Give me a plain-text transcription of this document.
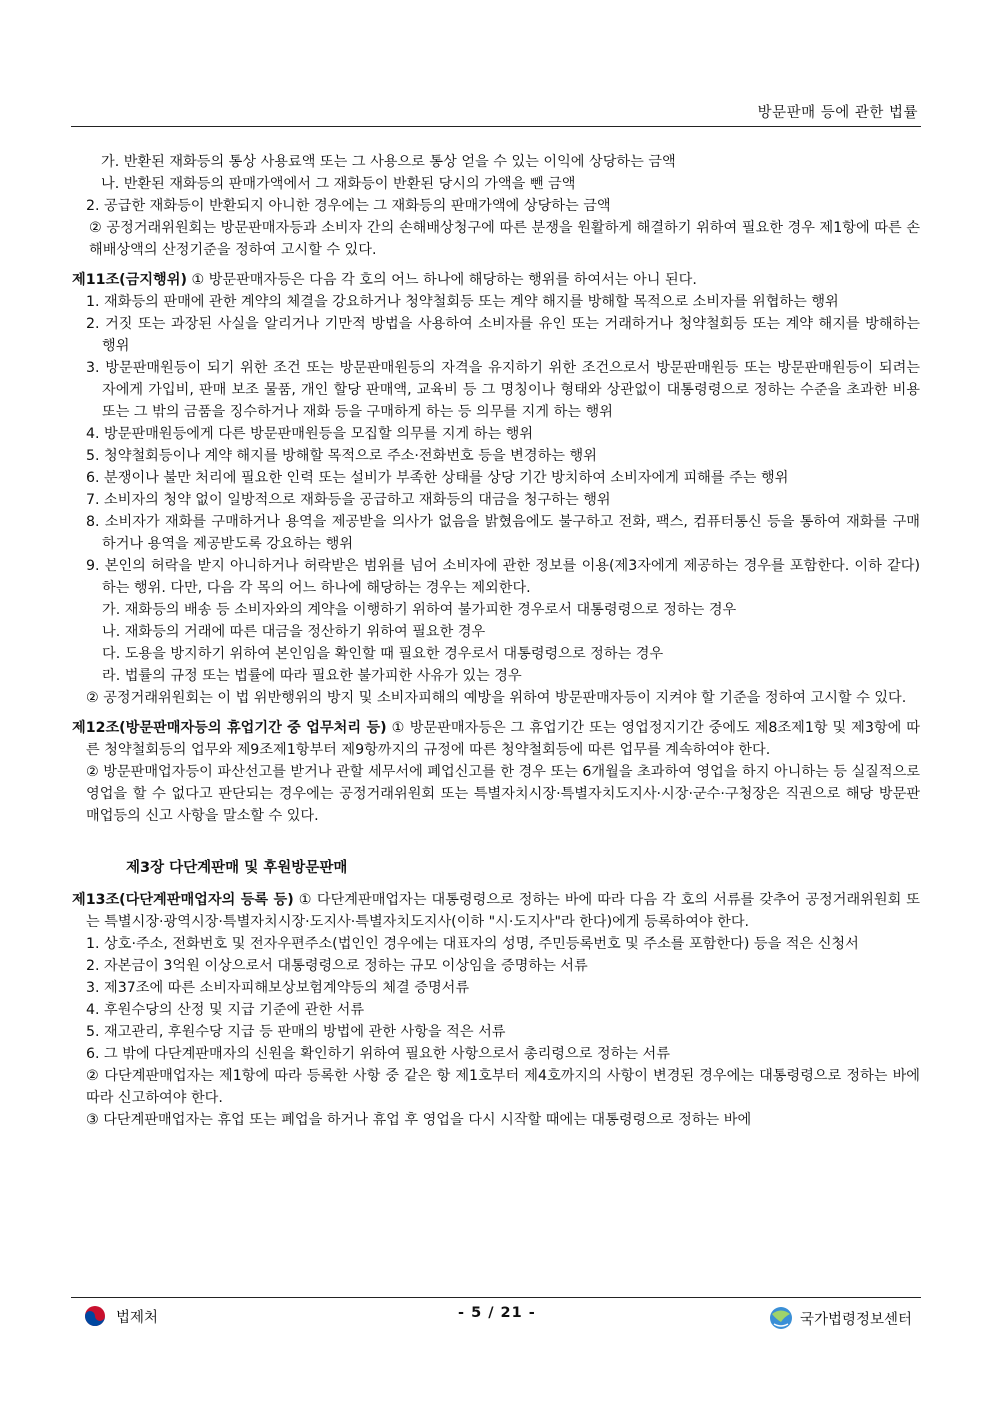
방문판매 등에 관한 법률
가. 반환된 재화등의 통상 사용료액 또는 그 사용으로 통상 얻을 수 있는 이익에 상당하는 금액
나. 반환된 재화등의 판매가액에서 그 재화등이 반환된 당시의 가액을 뺀 금액
2. 공급한 재화등이 반환되지 아니한 경우에는 그 재화등의 판매가액에 상당하는 금액
② 공정거래위원회는 방문판매자등과 소비자 간의 손해배상청구에 따른 분쟁을 원활하게 해결하기 위하여 필요한 경우 제1항에 따른 손해배상액의 산정기준을 정하여 고시할 수 있다.
제11조(금지행위) ① 방문판매자등은 다음 각 호의 어느 하나에 해당하는 행위를 하여서는 아니 된다.
1. 재화등의 판매에 관한 계약의 체결을 강요하거나 청약철회등 또는 계약 해지를 방해할 목적으로 소비자를 위협하는 행위
2. 거짓 또는 과장된 사실을 알리거나 기만적 방법을 사용하여 소비자를 유인 또는 거래하거나 청약철회등 또는 계약 해지를 방해하는 행위
3. 방문판매원등이 되기 위한 조건 또는 방문판매원등의 자격을 유지하기 위한 조건으로서 방문판매원등 또는 방문판매원등이 되려는 자에게 가입비, 판매 보조 물품, 개인 할당 판매액, 교육비 등 그 명칭이나 형태와 상관없이 대통령령으로 정하는 수준을 초과한 비용 또는 그 밖의 금품을 징수하거나 재화 등을 구매하게 하는 등 의무를 지게 하는 행위
4. 방문판매원등에게 다른 방문판매원등을 모집할 의무를 지게 하는 행위
5. 청약철회등이나 계약 해지를 방해할 목적으로 주소·전화번호 등을 변경하는 행위
6. 분쟁이나 불만 처리에 필요한 인력 또는 설비가 부족한 상태를 상당 기간 방치하여 소비자에게 피해를 주는 행위
7. 소비자의 청약 없이 일방적으로 재화등을 공급하고 재화등의 대금을 청구하는 행위
8. 소비자가 재화를 구매하거나 용역을 제공받을 의사가 없음을 밝혔음에도 불구하고 전화, 팩스, 컴퓨터통신 등을 통하여 재화를 구매하거나 용역을 제공받도록 강요하는 행위
9. 본인의 허락을 받지 아니하거나 허락받은 범위를 넘어 소비자에 관한 정보를 이용(제3자에게 제공하는 경우를 포함한다. 이하 같다)하는 행위. 다만, 다음 각 목의 어느 하나에 해당하는 경우는 제외한다.
가. 재화등의 배송 등 소비자와의 계약을 이행하기 위하여 불가피한 경우로서 대통령령으로 정하는 경우
나. 재화등의 거래에 따른 대금을 정산하기 위하여 필요한 경우
다. 도용을 방지하기 위하여 본인임을 확인할 때 필요한 경우로서 대통령령으로 정하는 경우
라. 법률의 규정 또는 법률에 따라 필요한 불가피한 사유가 있는 경우
② 공정거래위원회는 이 법 위반행위의 방지 및 소비자피해의 예방을 위하여 방문판매자등이 지켜야 할 기준을 정하여 고시할 수 있다.
제12조(방문판매자등의 휴업기간 중 업무처리 등) ① 방문판매자등은 그 휴업기간 또는 영업정지기간 중에도 제8조제1항 및 제3항에 따른 청약철회등의 업무와 제9조제1항부터 제9항까지의 규정에 따른 청약철회등에 따른 업무를 계속하여야 한다.
② 방문판매업자등이 파산선고를 받거나 관할 세무서에 폐업신고를 한 경우 또는 6개월을 초과하여 영업을 하지 아니하는 등 실질적으로 영업을 할 수 없다고 판단되는 경우에는 공정거래위원회 또는 특별자치시장·특별자치도지사·시장·군수·구청장은 직권으로 해당 방문판매업등의 신고 사항을 말소할 수 있다.
제3장 다단계판매 및 후원방문판매
제13조(다단계판매업자의 등록 등) ① 다단계판매업자는 대통령령으로 정하는 바에 따라 다음 각 호의 서류를 갖추어 공정거래위원회 또는 특별시장·광역시장·특별자치시장·도지사·특별자치도지사(이하 "시·도지사"라 한다)에게 등록하여야 한다.
1. 상호·주소, 전화번호 및 전자우편주소(법인인 경우에는 대표자의 성명, 주민등록번호 및 주소를 포함한다) 등을 적은 신청서
2. 자본금이 3억원 이상으로서 대통령령으로 정하는 규모 이상임을 증명하는 서류
3. 제37조에 따른 소비자피해보상보험계약등의 체결 증명서류
4. 후원수당의 산정 및 지급 기준에 관한 서류
5. 재고관리, 후원수당 지급 등 판매의 방법에 관한 사항을 적은 서류
6. 그 밖에 다단계판매자의 신원을 확인하기 위하여 필요한 사항으로서 총리령으로 정하는 서류
② 다단계판매업자는 제1항에 따라 등록한 사항 중 같은 항 제1호부터 제4호까지의 사항이 변경된 경우에는 대통령령으로 정하는 바에 따라 신고하여야 한다.
③ 다단계판매업자는 휴업 또는 폐업을 하거나 휴업 후 영업을 다시 시작할 때에는 대통령령으로 정하는 바에
법제처	- 5 / 21 -	국가법령정보센터
